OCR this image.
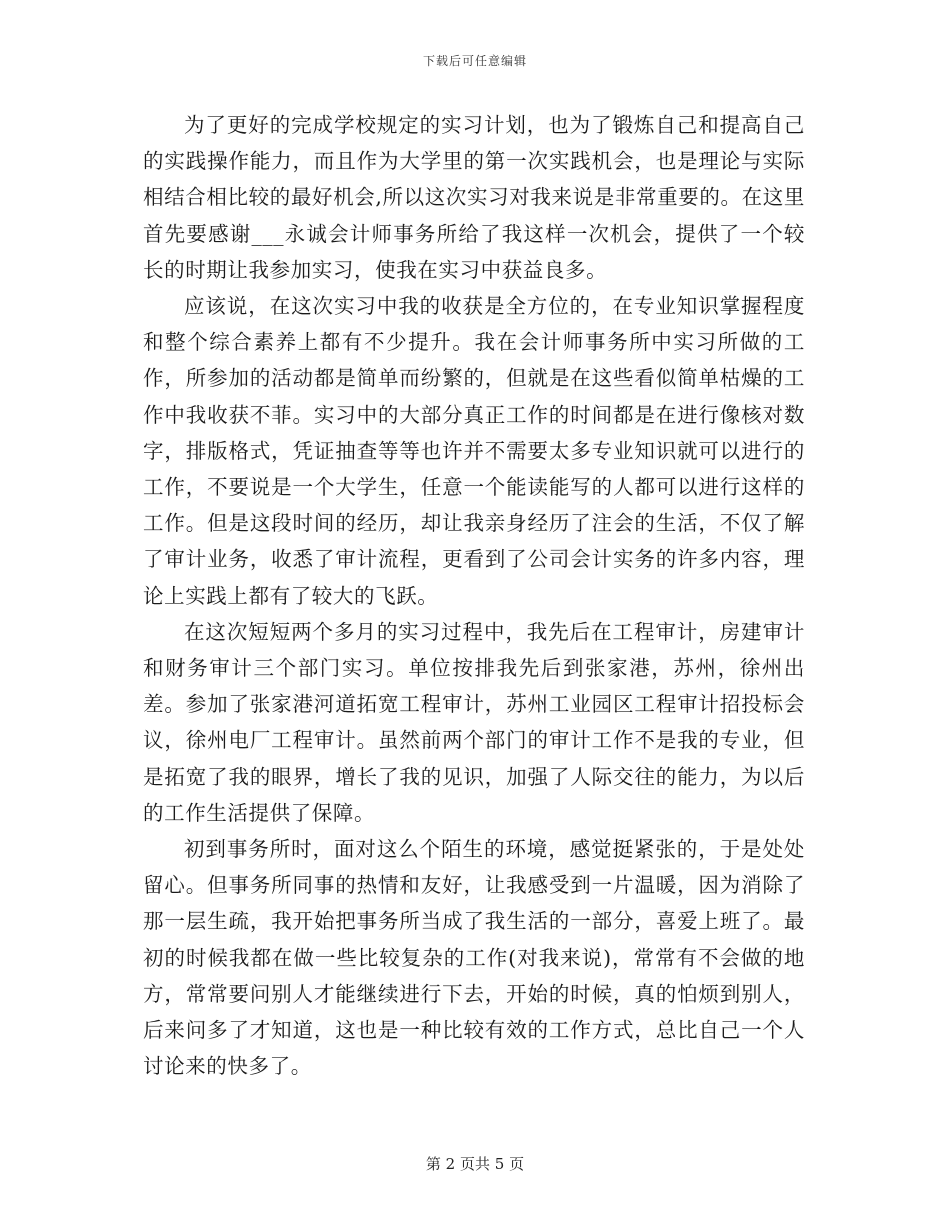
下载后可任意编辑

为了更好的完成学校规定的实习计划，也为了锻炼自己和提高自己的实践操作能力，而且作为大学里的第一次实践机会，也是理论与实际相结合相比较的最好机会,所以这次实习对我来说是非常重要的。在这里首先要感谢___永诚会计师事务所给了我这样一次机会，提供了一个较长的时期让我参加实习，使我在实习中获益良多。

应该说，在这次实习中我的收获是全方位的，在专业知识掌握程度和整个综合素养上都有不少提升。我在会计师事务所中实习所做的工作，所参加的活动都是简单而纷繁的，但就是在这些看似简单枯燥的工作中我收获不菲。实习中的大部分真正工作的时间都是在进行像核对数字，排版格式，凭证抽查等等也许并不需要太多专业知识就可以进行的工作，不要说是一个大学生，任意一个能读能写的人都可以进行这样的工作。但是这段时间的经历，却让我亲身经历了注会的生活，不仅了解了审计业务，收悉了审计流程，更看到了公司会计实务的许多内容，理论上实践上都有了较大的飞跃。

在这次短短两个多月的实习过程中，我先后在工程审计，房建审计和财务审计三个部门实习。单位按排我先后到张家港，苏州，徐州出差。参加了张家港河道拓宽工程审计，苏州工业园区工程审计招投标会议，徐州电厂工程审计。虽然前两个部门的审计工作不是我的专业，但是拓宽了我的眼界，增长了我的见识，加强了人际交往的能力，为以后的工作生活提供了保障。

初到事务所时，面对这么个陌生的环境，感觉挺紧张的，于是处处留心。但事务所同事的热情和友好，让我感受到一片温暖，因为消除了那一层生疏，我开始把事务所当成了我生活的一部分，喜爱上班了。最初的时候我都在做一些比较复杂的工作(对我来说)，常常有不会做的地方，常常要问别人才能继续进行下去，开始的时候，真的怕烦到别人，后来问多了才知道，这也是一种比较有效的工作方式，总比自己一个人讨论来的快多了。

第 2 页共 5 页
